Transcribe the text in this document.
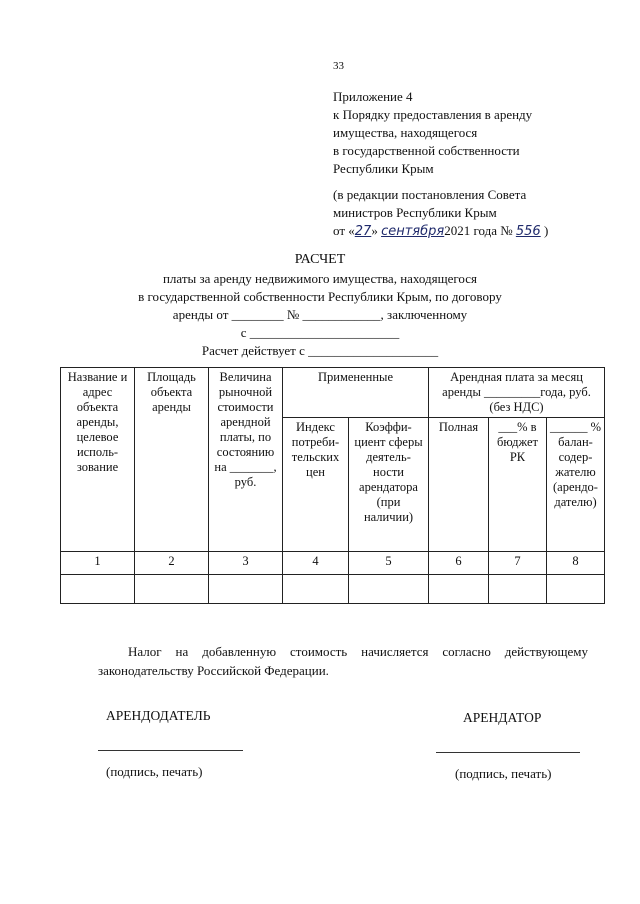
33
Приложение 4
к Порядку предоставления в аренду
имущества, находящегося
в государственной собственности
Республики Крым
(в редакции постановления Совета
министров Республики Крым
от «27» сентября2021 года № 556 )
РАСЧЕТ
платы за аренду недвижимого имущества, находящегося
в государственной собственности Республики Крым, по договору
аренды от ________ № ____________, заключенному
с _______________________
Расчет действует с ____________________
Название и адрес объекта аренды, целевое исполь-зование	Площадь объекта аренды	Величина рыночной стоимости арендной платы, по состоянию на _______, руб.	Примененные		Арендная плата за месяц аренды _________года, руб. (без НДС)		
			Индекс потреби-тельских цен	Коэффи-циент сферы деятель-ности арендатора (при наличии)	Полная	___% в бюджет РК	______ % балан-содер-жателю (арендо-дателю)
1	2	3	4	5	6	7	8

Налог на добавленную стоимость начисляется согласно действующему законодательству Российской Федерации.
АРЕНДОДАТЕЛЬ	АРЕНДАТОР
(подпись, печать)	(подпись, печать)
